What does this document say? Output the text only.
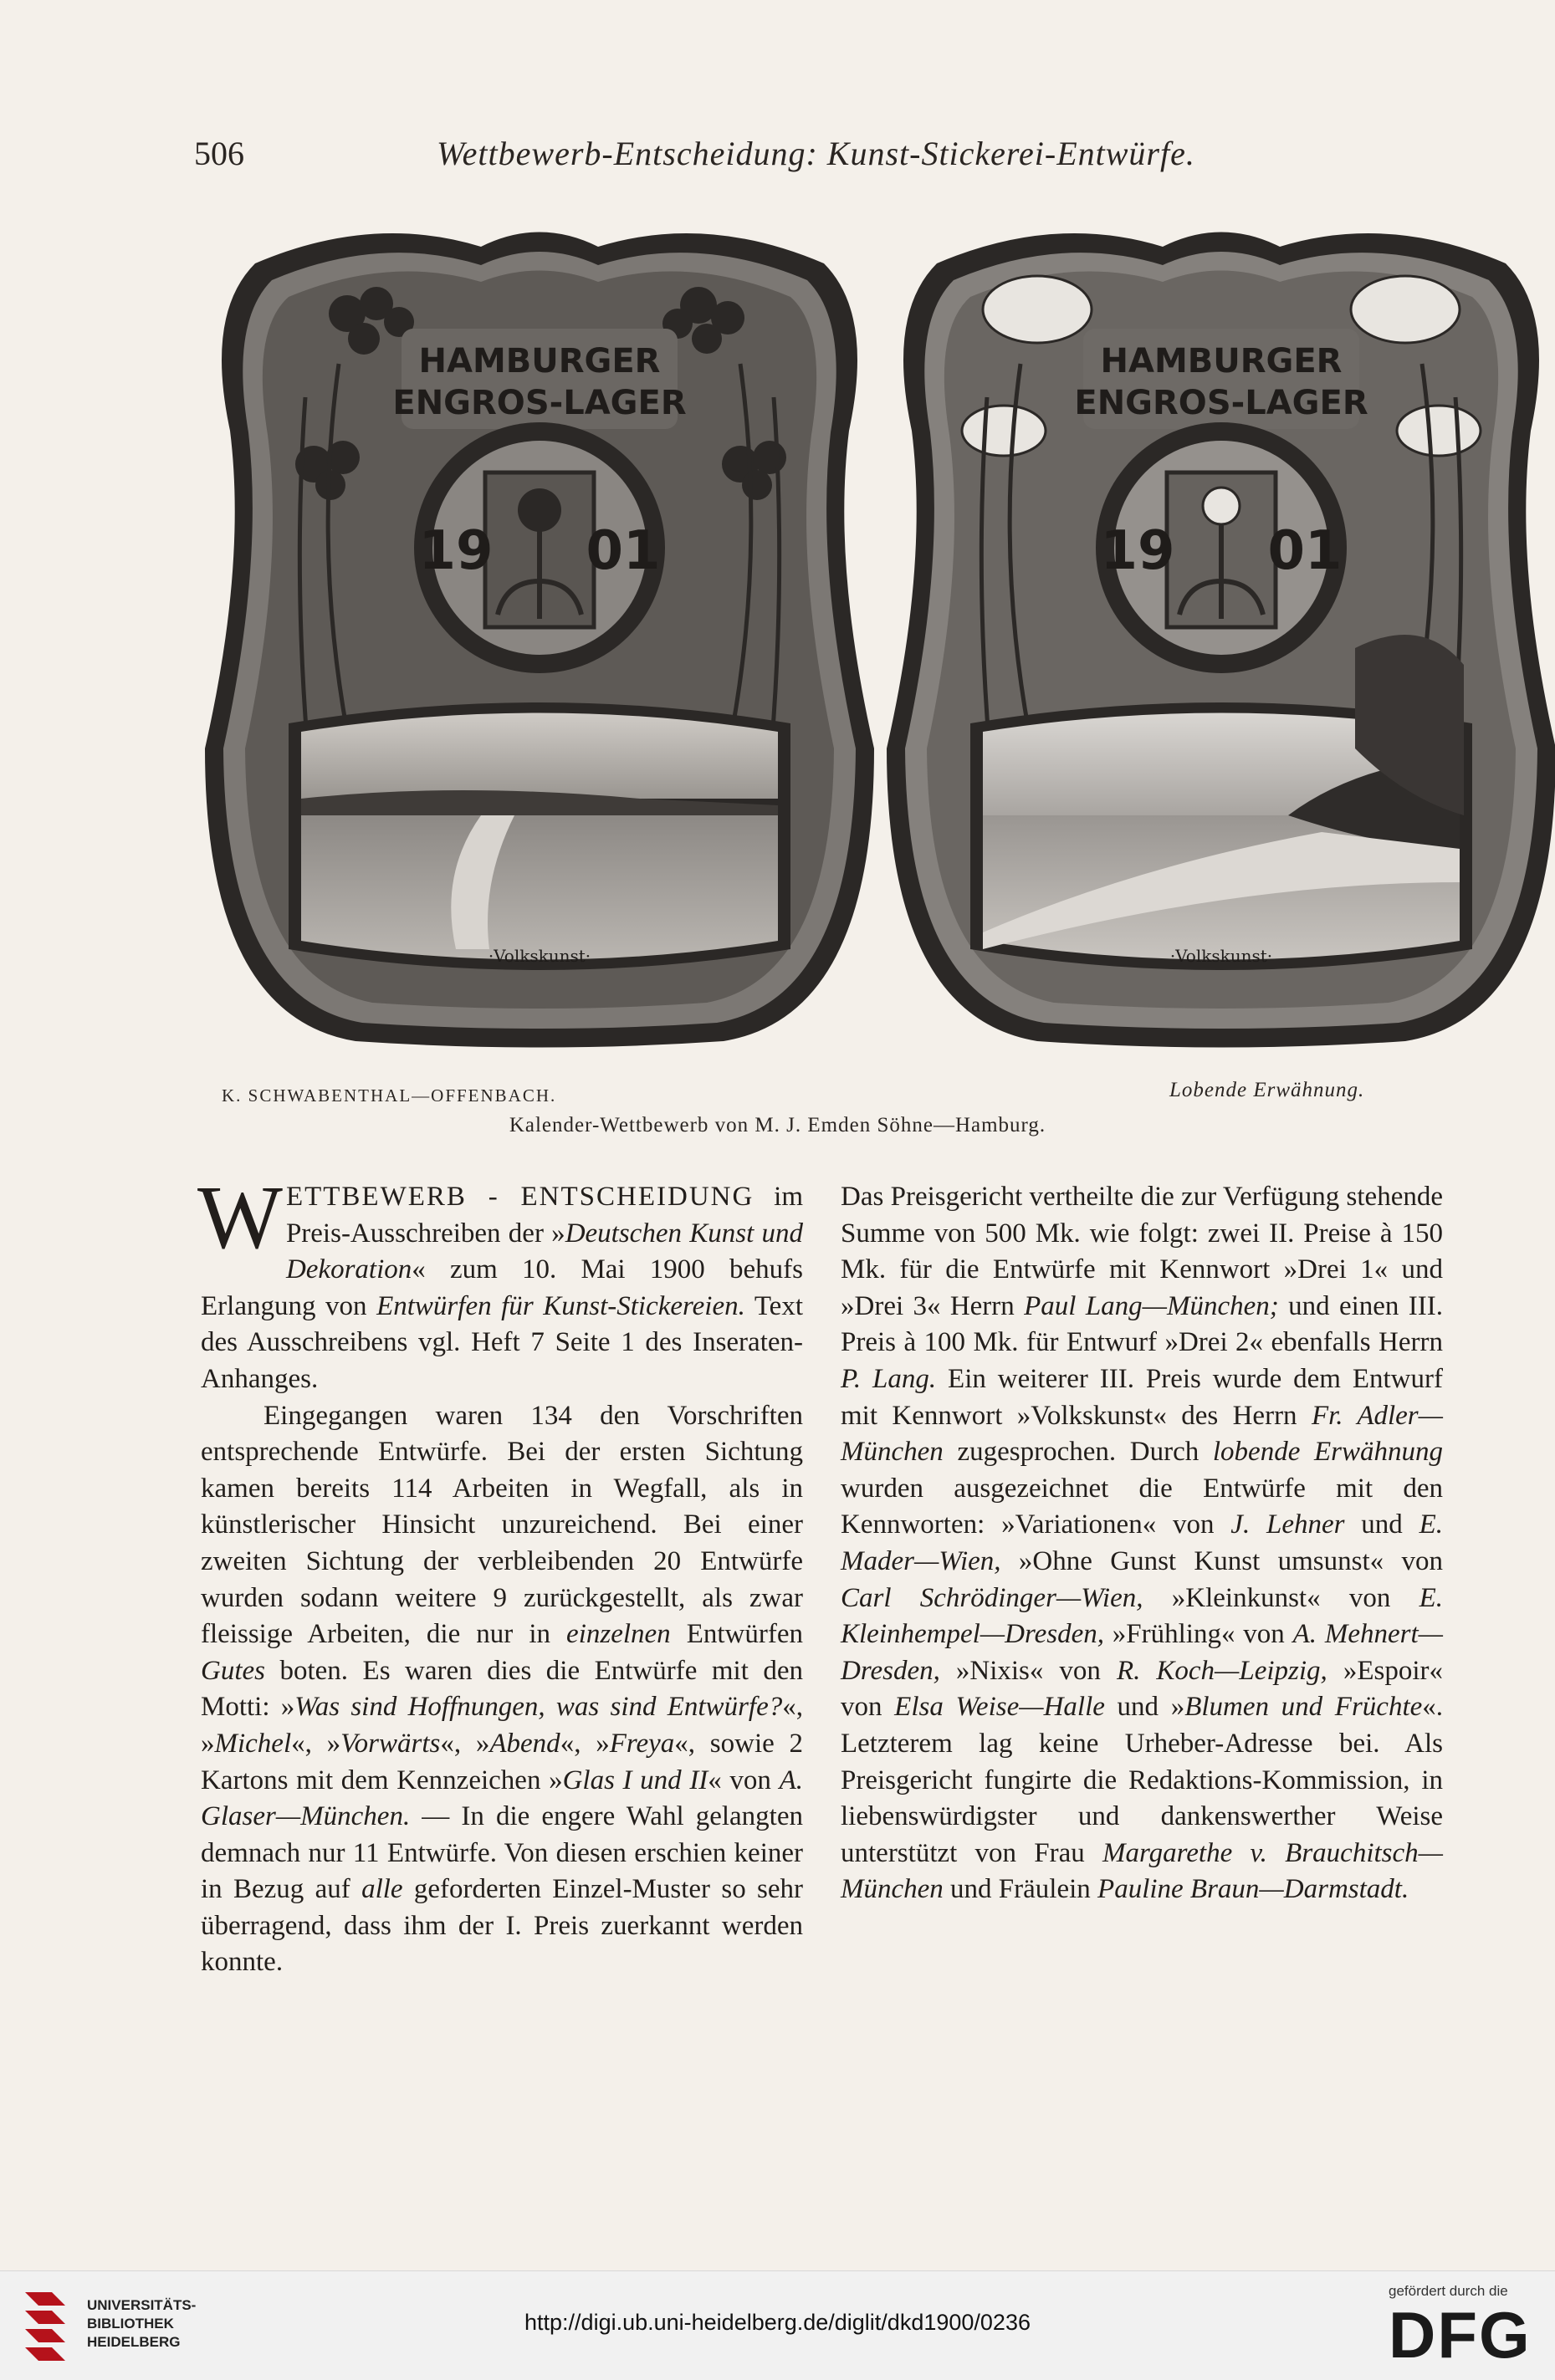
506	Wettbewerb-Entscheidung: Kunst-Stickerei-Entwürfe.
HAMBURGER
ENGROS-LAGER
19 01
·Volkskunst·
HAMBURGER
ENGROS-LAGER
19 01
·Volkskunst·
K. SCHWABENTHAL—OFFENBACH.	Lobende Erwähnung.
Kalender-Wettbewerb von M. J. Emden Söhne—Hamburg.

WETTBEWERB - ENTSCHEIDUNG im Preis-Ausschreiben der »Deutschen Kunst und Dekoration« zum 10. Mai 1900 behufs Erlangung von Entwürfen für Kunst-Stickereien. Text des Ausschreibens vgl. Heft 7 Seite 1 des Inseraten-Anhanges.

Eingegangen waren 134 den Vorschriften entsprechende Entwürfe. Bei der ersten Sichtung kamen bereits 114 Arbeiten in Wegfall, als in künstlerischer Hinsicht unzureichend. Bei einer zweiten Sichtung der verbleibenden 20 Entwürfe wurden sodann weitere 9 zurückgestellt, als zwar fleissige Arbeiten, die nur in einzelnen Entwürfen Gutes boten. Es waren dies die Entwürfe mit den Motti: »Was sind Hoffnungen, was sind Entwürfe?«, »Michel«, »Vorwärts«, »Abend«, »Freya«, sowie 2 Kartons mit dem Kennzeichen »Glas I und II« von A. Glaser—München. — In die engere Wahl gelangten demnach nur 11 Entwürfe. Von diesen erschien keiner in Bezug auf alle geforderten Einzel-Muster so sehr überragend, dass ihm der I. Preis zuerkannt werden konnte.

Das Preisgericht vertheilte die zur Verfügung stehende Summe von 500 Mk. wie folgt: zwei II. Preise à 150 Mk. für die Entwürfe mit Kennwort »Drei 1« und »Drei 3« Herrn Paul Lang—München; und einen III. Preis à 100 Mk. für Entwurf »Drei 2« ebenfalls Herrn P. Lang. Ein weiterer III. Preis wurde dem Entwurf mit Kennwort »Volkskunst« des Herrn Fr. Adler—München zugesprochen. Durch lobende Erwähnung wurden ausgezeichnet die Entwürfe mit den Kennworten: »Variationen« von J. Lehner und E. Mader—Wien, »Ohne Gunst Kunst umsunst« von Carl Schrödinger—Wien, »Kleinkunst« von E. Kleinhempel—Dresden, »Frühling« von A. Mehnert—Dresden, »Nixis« von R. Koch—Leipzig, »Espoir« von Elsa Weise—Halle und »Blumen und Früchte«. Letzterem lag keine Urheber-Adresse bei. Als Preisgericht fungirte die Redaktions-Kommission, in liebenswürdigster und dankenswerther Weise unterstützt von Frau Margarethe v. Brauchitsch—München und Fräulein Pauline Braun—Darmstadt.

UNIVERSITÄTS-
BIBLIOTHEK
HEIDELBERG
http://digi.ub.uni-heidelberg.de/diglit/dkd1900/0236
gefördert durch die
DFG
